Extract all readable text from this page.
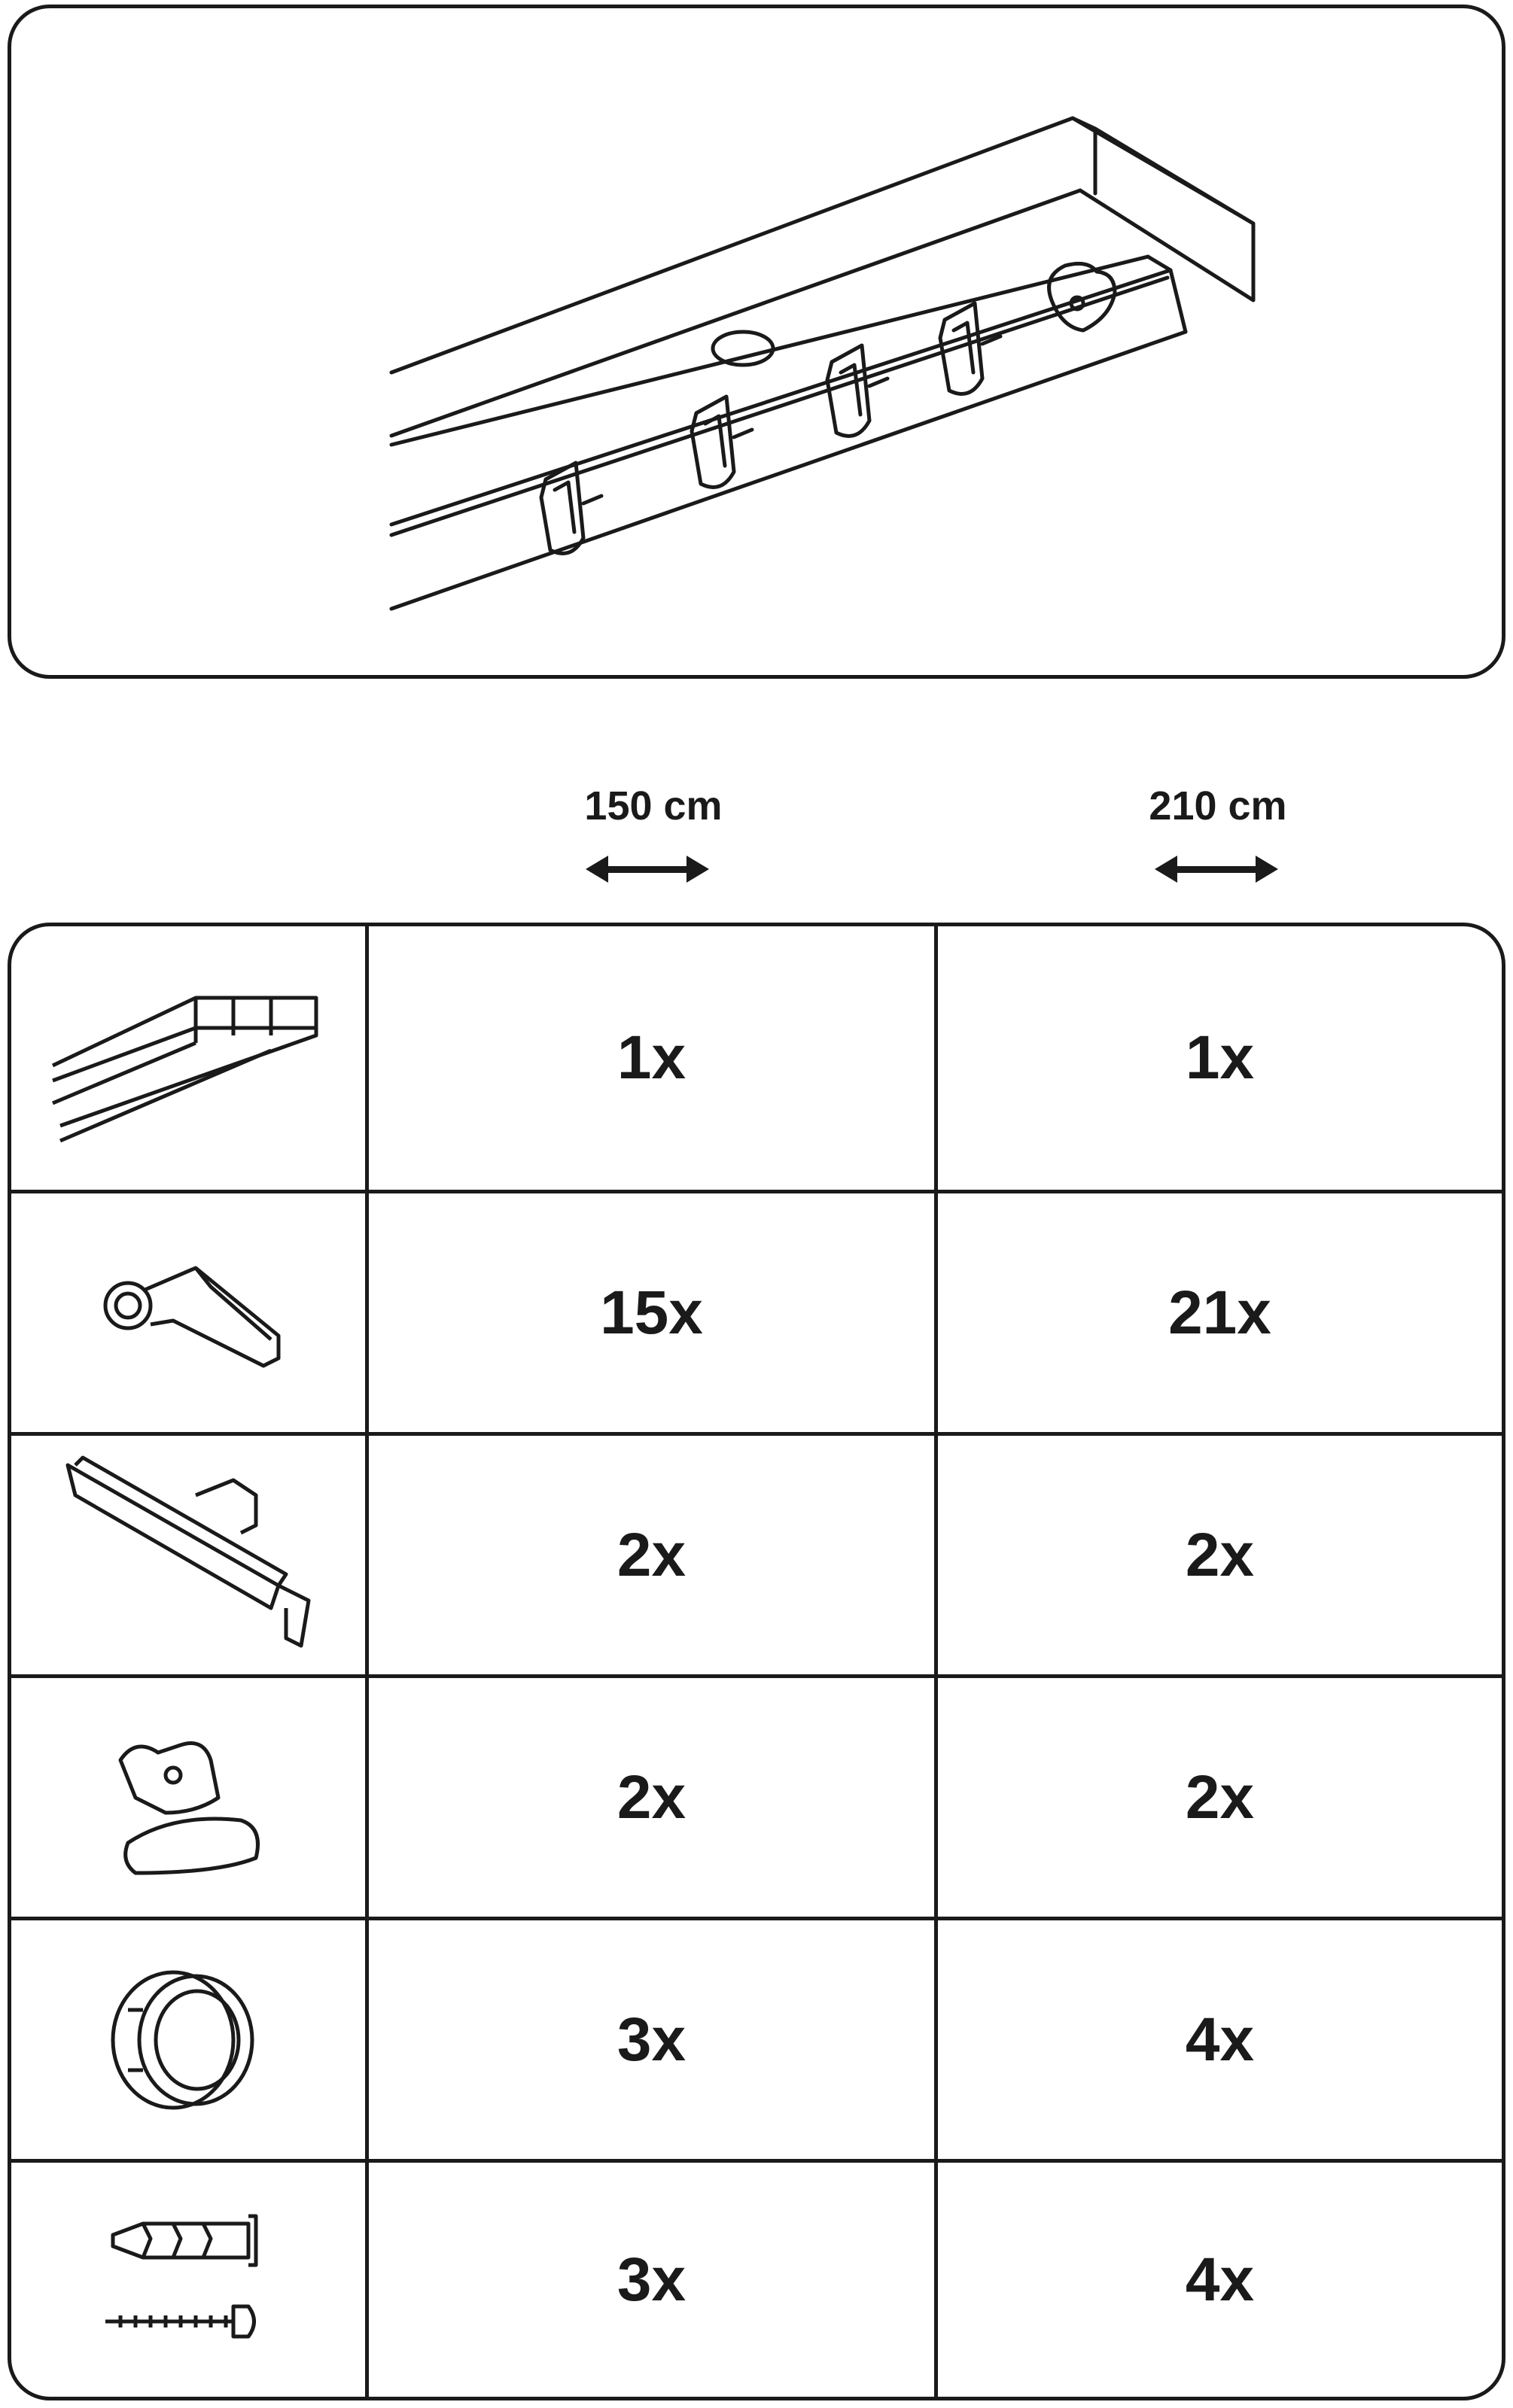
150 cm	210 cm
1x	1x
15x	21x
2x	2x
2x	2x
3x	4x
3x	4x
